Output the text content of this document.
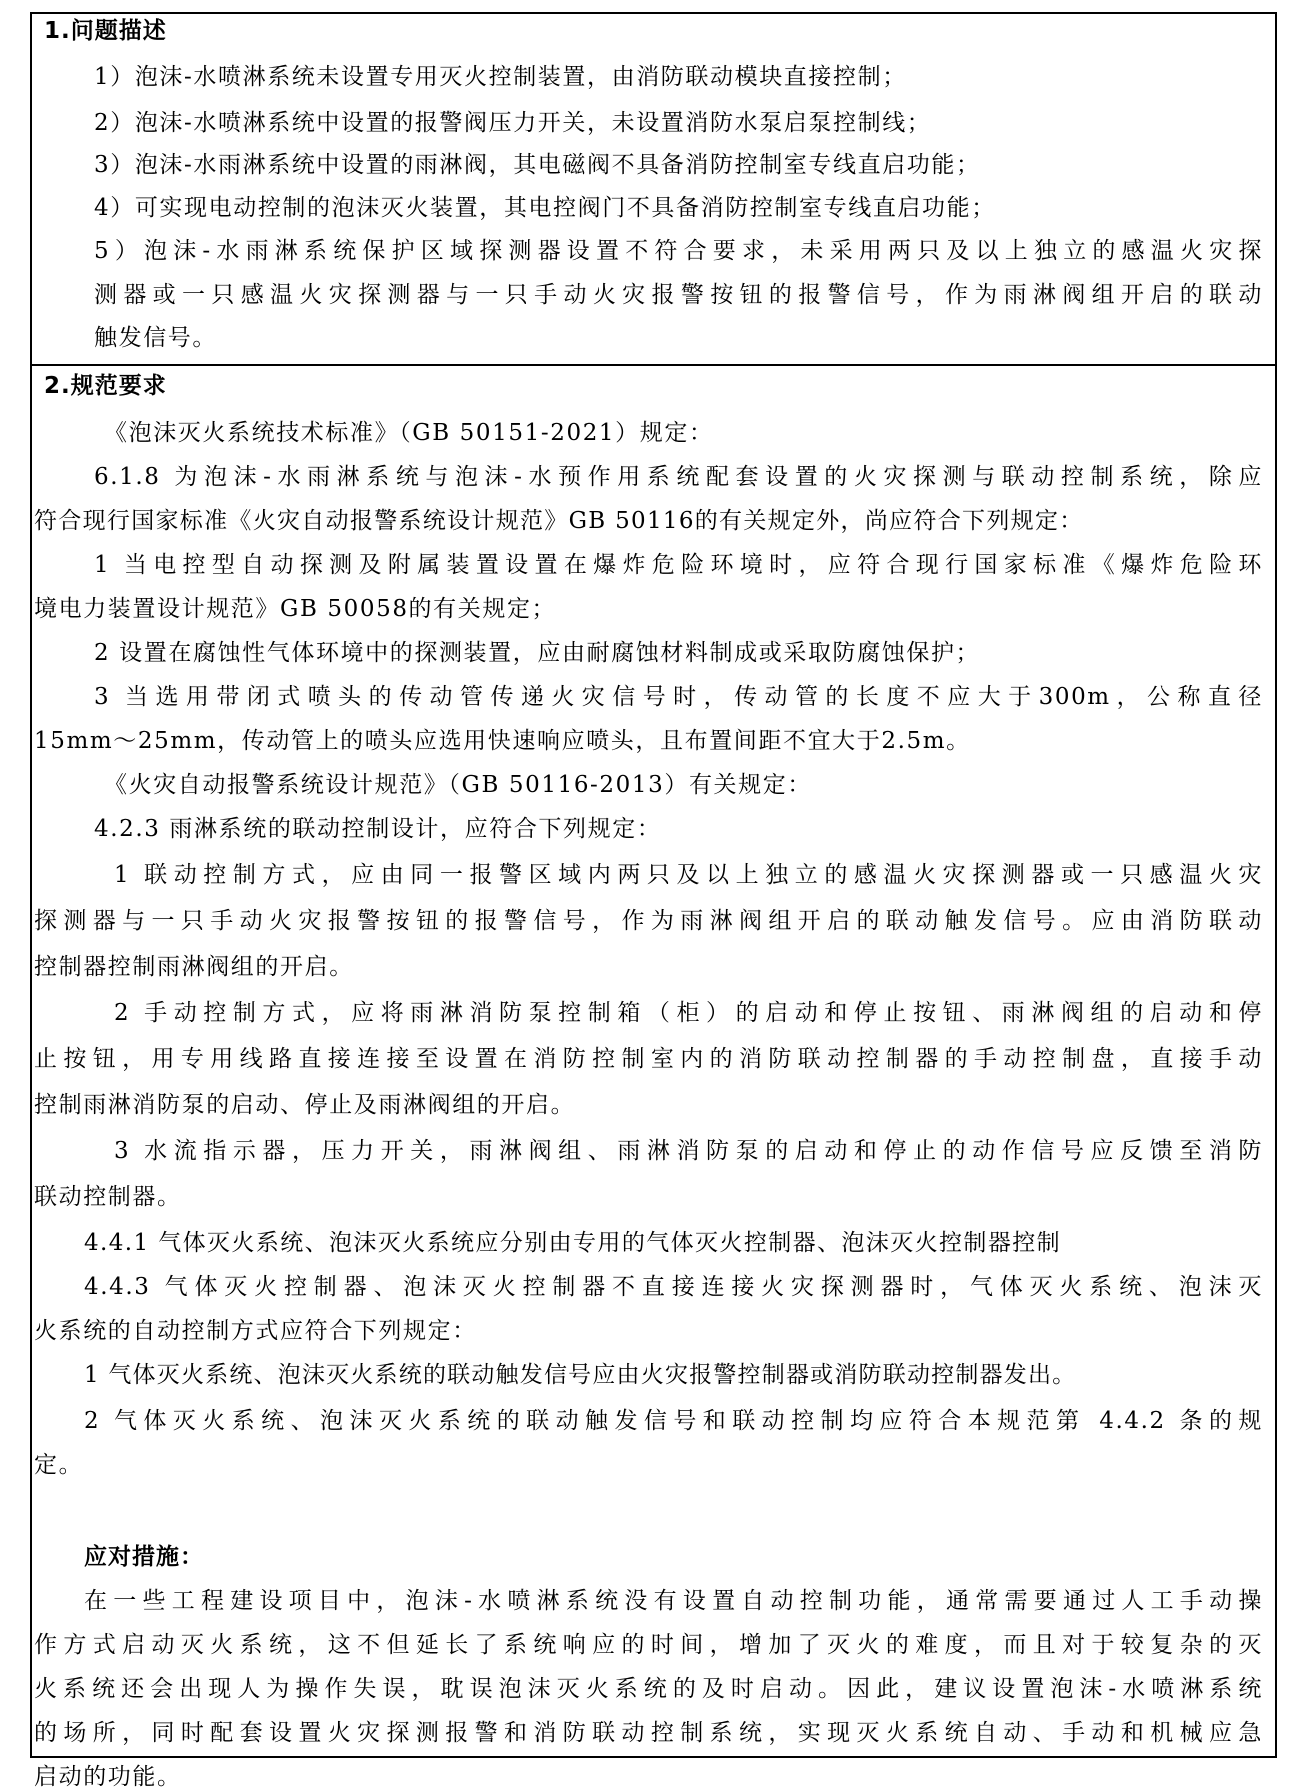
1.问题描述
1）泡沫-水喷淋系统未设置专用灭火控制装置，由消防联动模块直接控制；
2）泡沫-水喷淋系统中设置的报警阀压力开关，未设置消防水泵启泵控制线；
3）泡沫-水雨淋系统中设置的雨淋阀，其电磁阀不具备消防控制室专线直启功能；
4）可实现电动控制的泡沫灭火装置，其电控阀门不具备消防控制室专线直启功能；
5）泡沫-水雨淋系统保护区域探测器设置不符合要求，未采用两只及以上独立的感温火灾探
测器或一只感温火灾探测器与一只手动火灾报警按钮的报警信号，作为雨淋阀组开启的联动
触发信号。
2.规范要求
《泡沫灭火系统技术标准》（GB 50151-2021）规定：
6.1.8 为泡沫-水雨淋系统与泡沫-水预作用系统配套设置的火灾探测与联动控制系统，除应
符合现行国家标准《火灾自动报警系统设计规范》GB 50116的有关规定外，尚应符合下列规定：
1 当电控型自动探测及附属装置设置在爆炸危险环境时，应符合现行国家标准《爆炸危险环
境电力装置设计规范》GB 50058的有关规定；
2 设置在腐蚀性气体环境中的探测装置，应由耐腐蚀材料制成或采取防腐蚀保护；
3 当选用带闭式喷头的传动管传递火灾信号时，传动管的长度不应大于300m，公称直径
15mm～25mm，传动管上的喷头应选用快速响应喷头，且布置间距不宜大于2.5m。
《火灾自动报警系统设计规范》（GB 50116-2013）有关规定：
4.2.3 雨淋系统的联动控制设计，应符合下列规定：
1 联动控制方式，应由同一报警区域内两只及以上独立的感温火灾探测器或一只感温火灾
探测器与一只手动火灾报警按钮的报警信号，作为雨淋阀组开启的联动触发信号。应由消防联动
控制器控制雨淋阀组的开启。
2 手动控制方式，应将雨淋消防泵控制箱（柜）的启动和停止按钮、雨淋阀组的启动和停
止按钮，用专用线路直接连接至设置在消防控制室内的消防联动控制器的手动控制盘，直接手动
控制雨淋消防泵的启动、停止及雨淋阀组的开启。
3 水流指示器，压力开关，雨淋阀组、雨淋消防泵的启动和停止的动作信号应反馈至消防
联动控制器。
4.4.1 气体灭火系统、泡沫灭火系统应分别由专用的气体灭火控制器、泡沫灭火控制器控制
4.4.3 气体灭火控制器、泡沫灭火控制器不直接连接火灾探测器时，气体灭火系统、泡沫灭
火系统的自动控制方式应符合下列规定：
1 气体灭火系统、泡沫灭火系统的联动触发信号应由火灾报警控制器或消防联动控制器发出。
2 气体灭火系统、泡沫灭火系统的联动触发信号和联动控制均应符合本规范第 4.4.2 条的规
定。
应对措施：
在一些工程建设项目中，泡沫-水喷淋系统没有设置自动控制功能，通常需要通过人工手动操
作方式启动灭火系统，这不但延长了系统响应的时间，增加了灭火的难度，而且对于较复杂的灭
火系统还会出现人为操作失误，耽误泡沫灭火系统的及时启动。因此，建议设置泡沫-水喷淋系统
的场所，同时配套设置火灾探测报警和消防联动控制系统，实现灭火系统自动、手动和机械应急
启动的功能。
